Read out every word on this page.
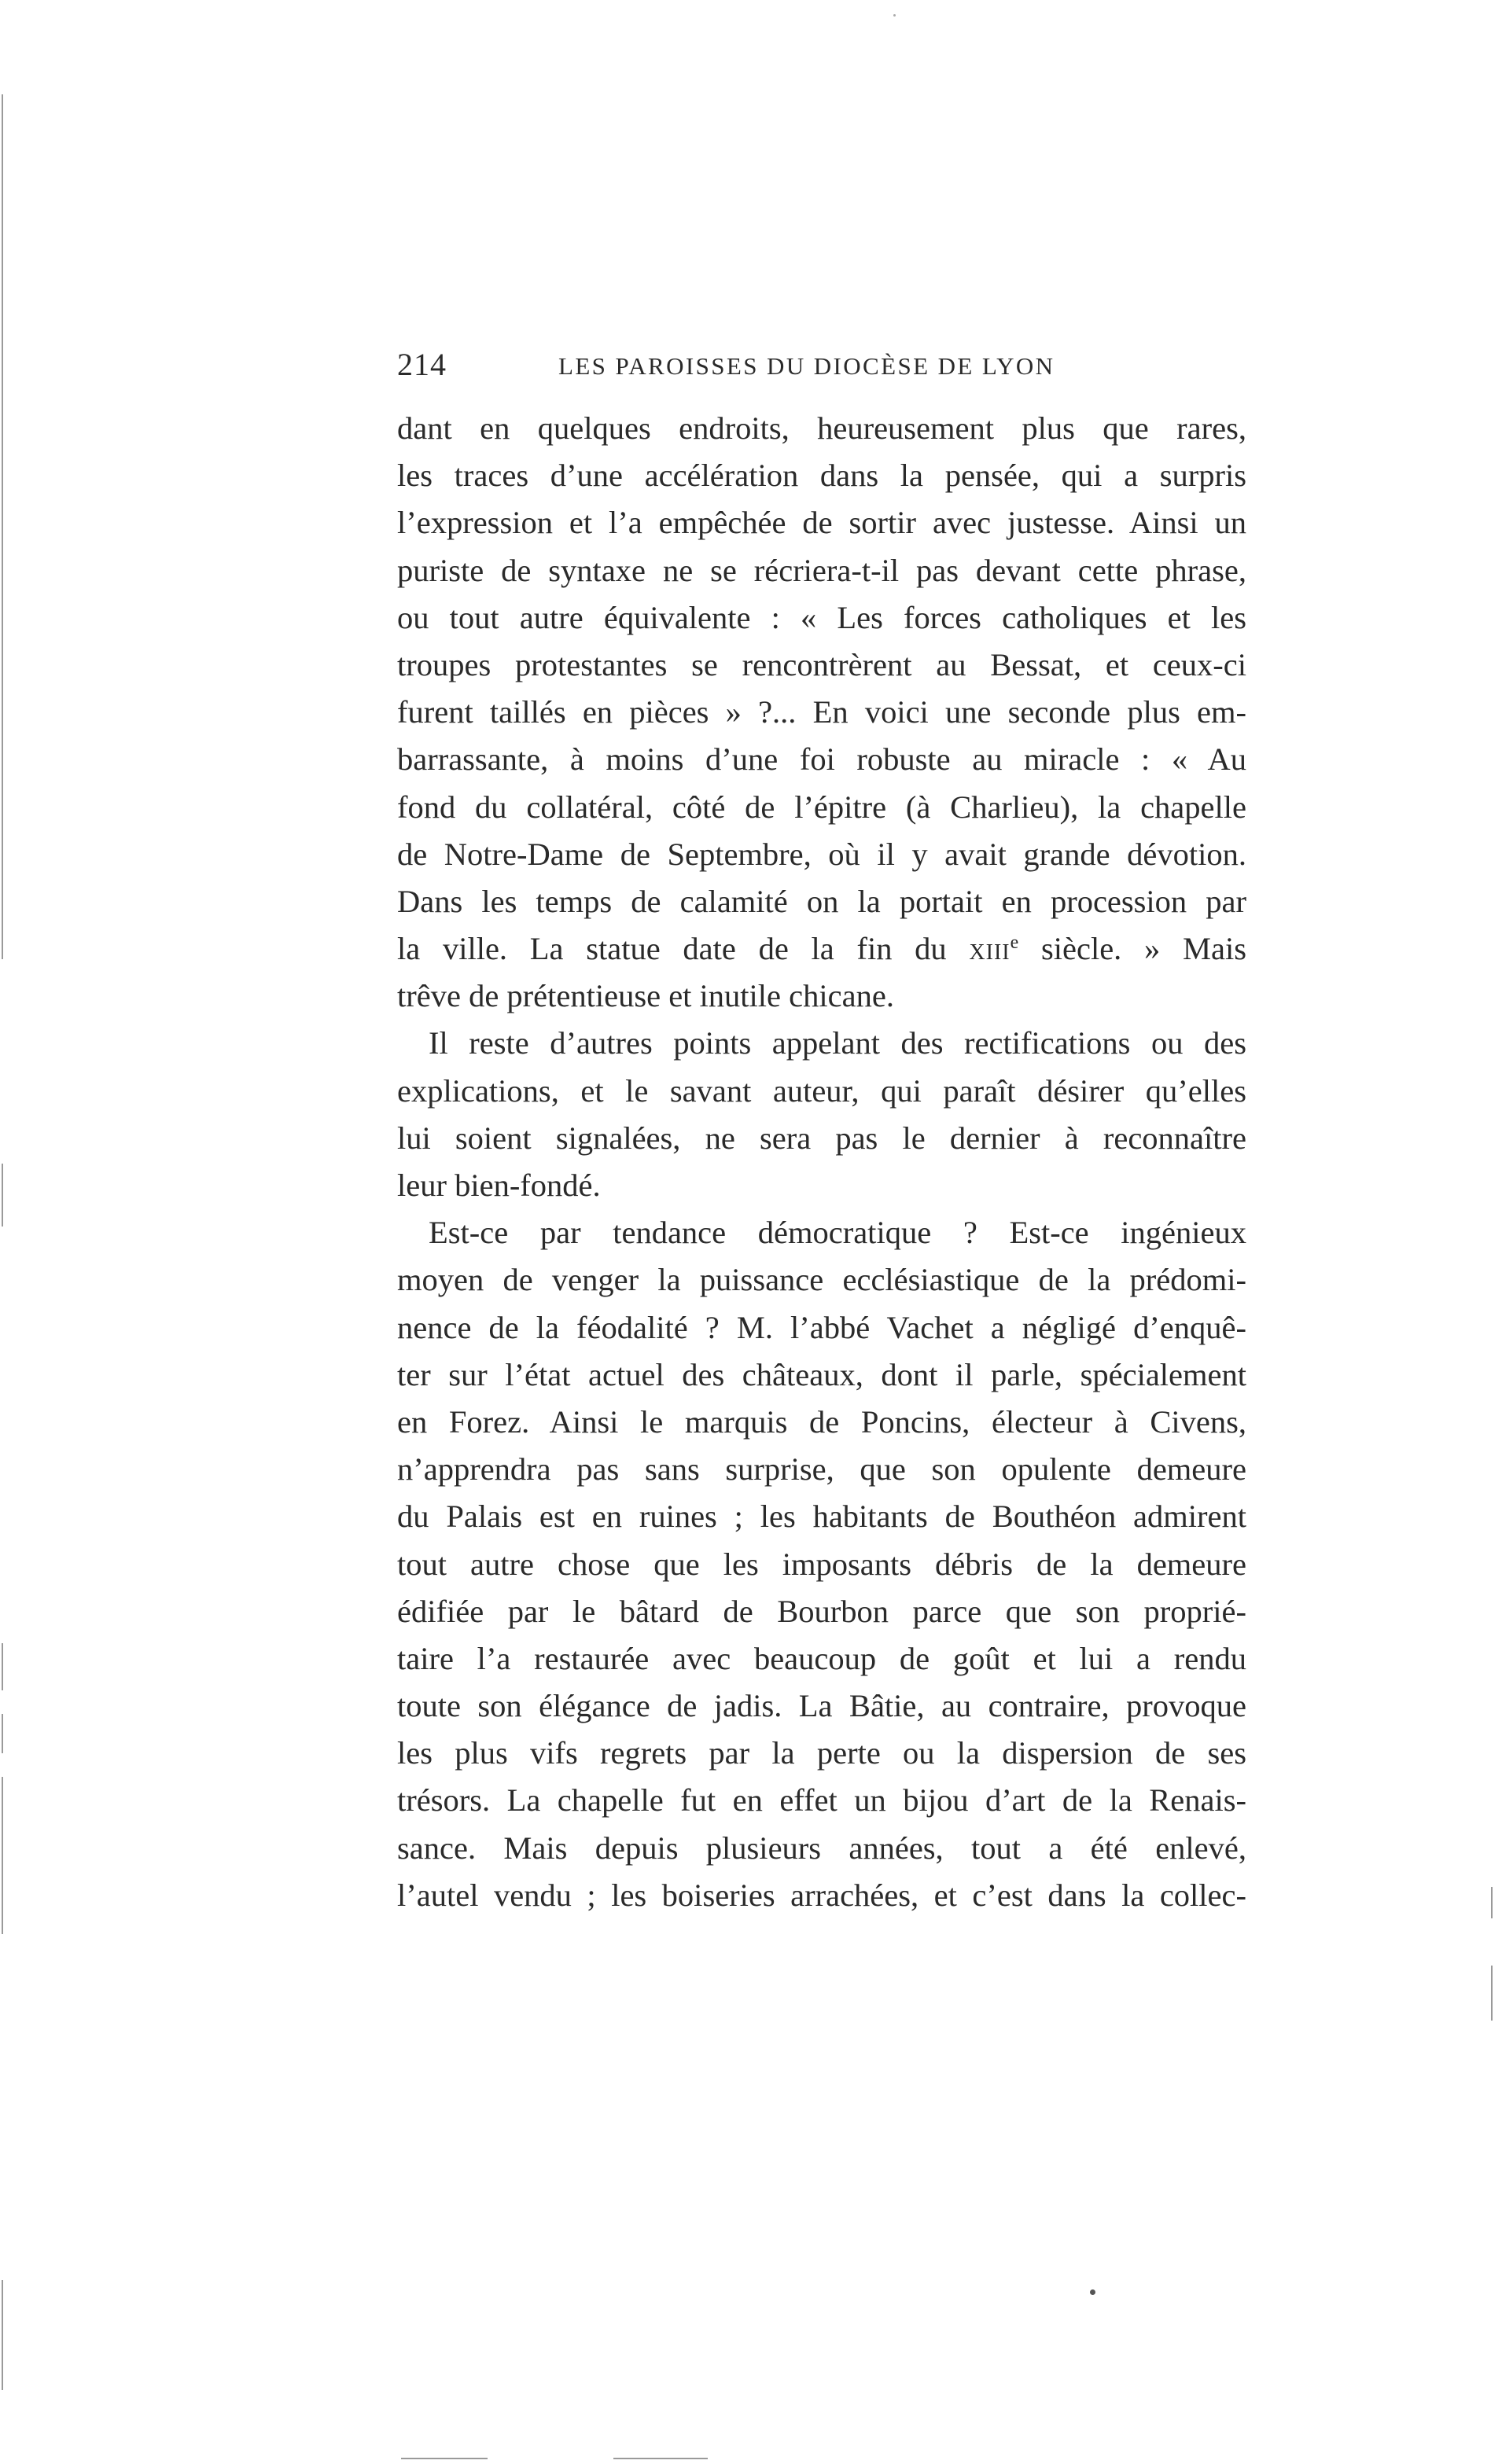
214	LES PAROISSES DU DIOCÈSE DE LYON
dant en quelques endroits, heureusement plus que rares,
les traces d’une accélération dans la pensée, qui a surpris
l’expression et l’a empêchée de sortir avec justesse. Ainsi un
puriste de syntaxe ne se récriera-t-il pas devant cette phrase,
ou tout autre équivalente : « Les forces catholiques et les
troupes protestantes se rencontrèrent au Bessat, et ceux-ci
furent taillés en pièces » ?... En voici une seconde plus em-
barrassante, à moins d’une foi robuste au miracle : « Au
fond du collatéral, côté de l’épitre (à Charlieu), la chapelle
de Notre-Dame de Septembre, où il y avait grande dévotion.
Dans les temps de calamité on la portait en procession par
la ville. La statue date de la fin du XIIIe siècle. » Mais
trêve de prétentieuse et inutile chicane.
Il reste d’autres points appelant des rectifications ou des
explications, et le savant auteur, qui paraît désirer qu’elles
lui soient signalées, ne sera pas le dernier à reconnaître
leur bien-fondé.
Est-ce par tendance démocratique ? Est-ce ingénieux
moyen de venger la puissance ecclésiastique de la prédomi-
nence de la féodalité ? M. l’abbé Vachet a négligé d’enquê-
ter sur l’état actuel des châteaux, dont il parle, spécialement
en Forez. Ainsi le marquis de Poncins, électeur à Civens,
n’apprendra pas sans surprise, que son opulente demeure
du Palais est en ruines ; les habitants de Bouthéon admirent
tout autre chose que les imposants débris de la demeure
édifiée par le bâtard de Bourbon parce que son proprié-
taire l’a restaurée avec beaucoup de goût et lui a rendu
toute son élégance de jadis. La Bâtie, au contraire, provoque
les plus vifs regrets par la perte ou la dispersion de ses
trésors. La chapelle fut en effet un bijou d’art de la Renais-
sance. Mais depuis plusieurs années, tout a été enlevé,
l’autel vendu ; les boiseries arrachées, et c’est dans la collec-
